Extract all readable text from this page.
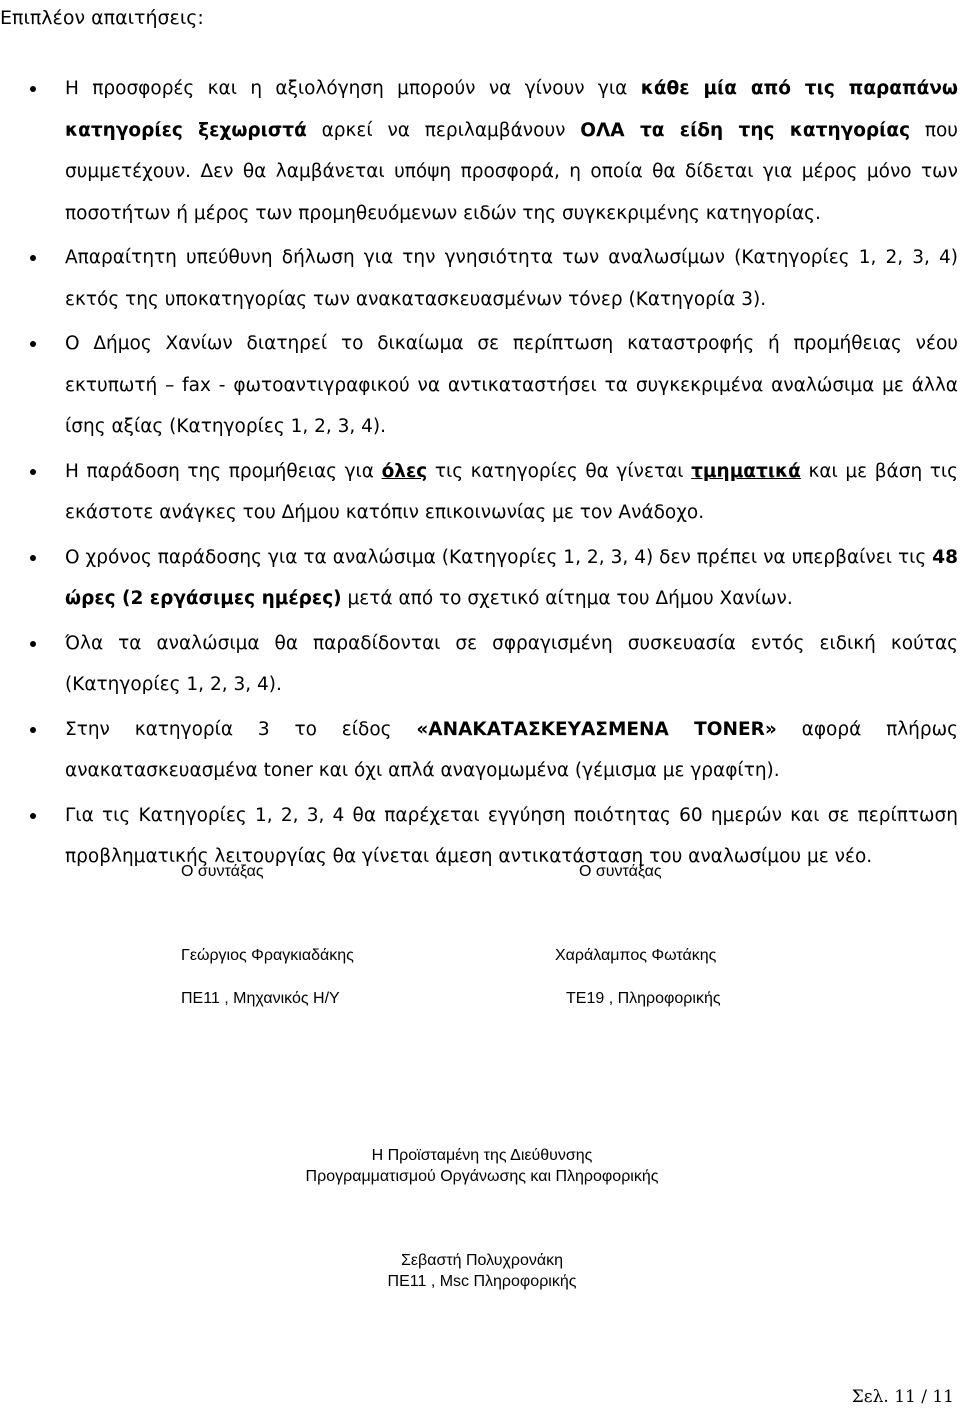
Επιπλέον απαιτήσεις:
Η προσφορές και η αξιολόγηση μπορούν να γίνουν για κάθε μία από τις παραπάνω κατηγορίες ξεχωριστά αρκεί να περιλαμβάνουν ΟΛΑ τα είδη της κατηγορίας που συμμετέχουν. Δεν θα λαμβάνεται υπόψη προσφορά, η οποία θα δίδεται για μέρος μόνο των ποσοτήτων ή μέρος των προμηθευόμενων ειδών της συγκεκριμένης κατηγορίας.
Απαραίτητη υπεύθυνη δήλωση για την γνησιότητα των αναλωσίμων (Κατηγορίες 1, 2, 3, 4) εκτός της υποκατηγορίας των ανακατασκευασμένων τόνερ (Κατηγορία 3).
Ο Δήμος Χανίων διατηρεί το δικαίωμα σε περίπτωση καταστροφής ή προμήθειας νέου εκτυπωτή – fax - φωτοαντιγραφικού να αντικαταστήσει τα συγκεκριμένα αναλώσιμα με άλλα ίσης αξίας (Κατηγορίες 1, 2, 3, 4).
Η παράδοση της προμήθειας για όλες τις κατηγορίες θα γίνεται τμηματικά και με βάση τις εκάστοτε ανάγκες του Δήμου κατόπιν επικοινωνίας με τον Ανάδοχο.
Ο χρόνος παράδοσης για τα αναλώσιμα (Κατηγορίες 1, 2, 3, 4) δεν πρέπει να υπερβαίνει τις 48 ώρες (2 εργάσιμες ημέρες) μετά από το σχετικό αίτημα του Δήμου Χανίων.
Όλα τα αναλώσιμα θα παραδίδονται σε σφραγισμένη συσκευασία εντός ειδική κούτας (Κατηγορίες 1, 2, 3, 4).
Στην κατηγορία 3 το είδος «ΑΝΑΚΑΤΑΣΚΕΥΑΣΜΕΝΑ TONER» αφορά πλήρως ανακατασκευασμένα toner και όχι απλά αναγομωμένα (γέμισμα με γραφίτη).
Για τις Κατηγορίες 1, 2, 3, 4 θα παρέχεται εγγύηση ποιότητας 60 ημερών και σε περίπτωση προβληματικής λειτουργίας θα γίνεται άμεση αντικατάσταση του αναλωσίμου με νέο.
Ο συντάξας	Ο συντάξας
Γεώργιος Φραγκιαδάκης	Χαράλαμπος Φωτάκης
ΠΕ11 , Μηχανικός Η/Υ	ΤΕ19 , Πληροφορικής
Η Προϊσταμένη της Διεύθυνσης
Προγραμματισμού Οργάνωσης και Πληροφορικής
Σεβαστή Πολυχρονάκη
ΠΕ11 , Msc Πληροφορικής
Σελ. 11 / 11
